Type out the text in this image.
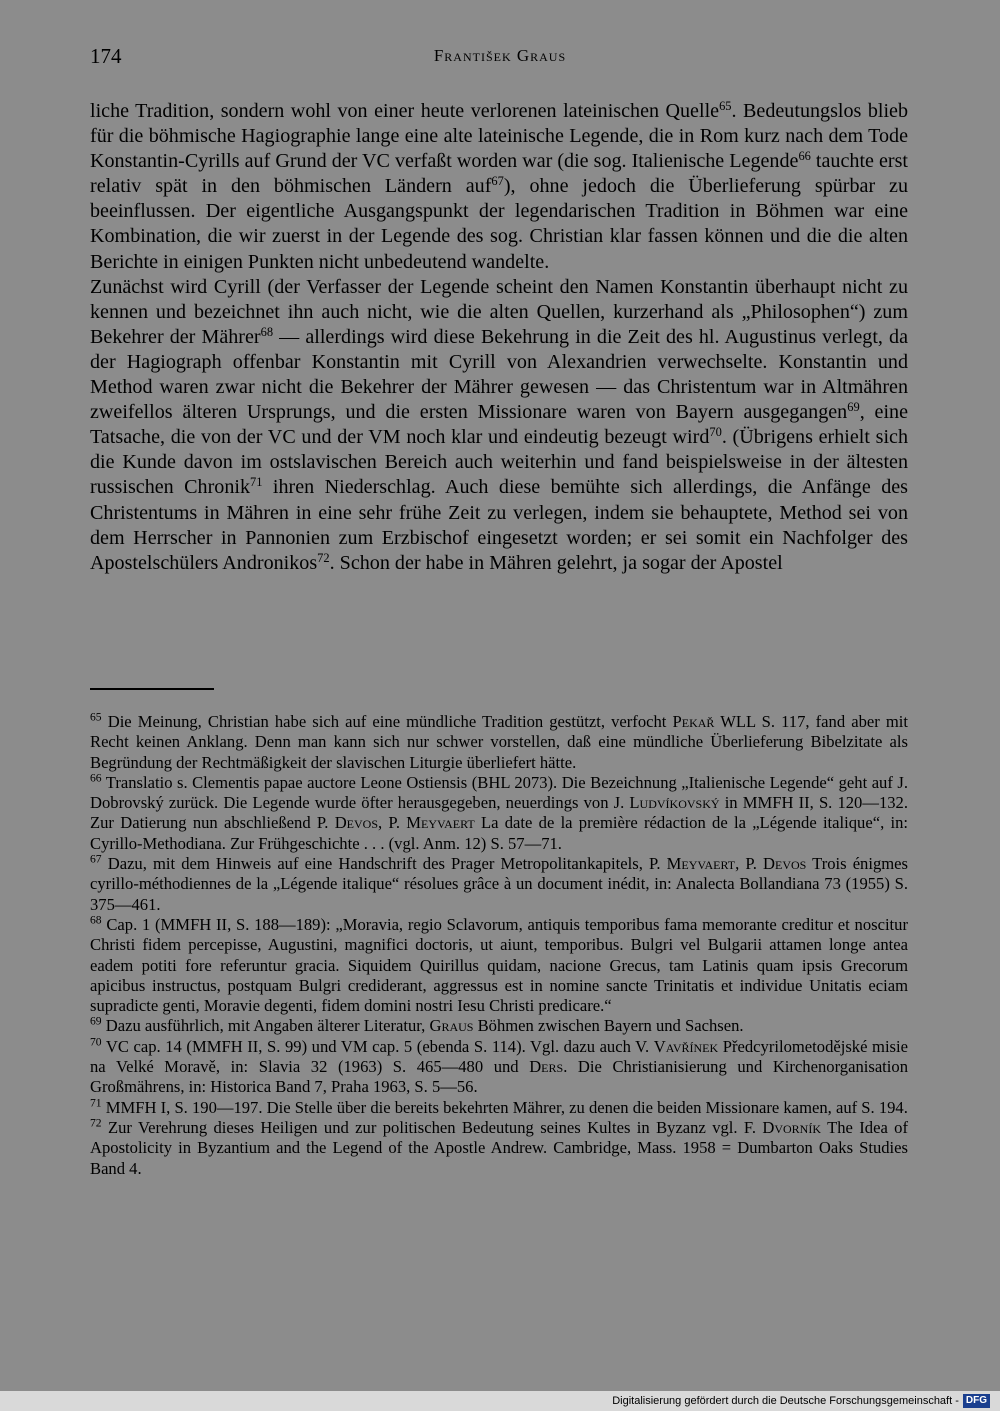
174	František Graus

liche Tradition, sondern wohl von einer heute verlorenen lateinischen Quelle$^{65}$. Bedeutungslos blieb für die böhmische Hagiographie lange eine alte lateinische Legende, die in Rom kurz nach dem Tode Konstantin-Cyrills auf Grund der VC verfaßt worden war (die sog. Italienische Legende$^{66}$ tauchte erst relativ spät in den böhmischen Ländern auf$^{67}$), ohne jedoch die Überlieferung spürbar zu beeinflussen. Der eigentliche Ausgangspunkt der legendarischen Tradition in Böhmen war eine Kombination, die wir zuerst in der Legende des sog. Christian klar fassen können und die die alten Berichte in einigen Punkten nicht unbedeutend wandelte.

Zunächst wird Cyrill (der Verfasser der Legende scheint den Namen Konstantin überhaupt nicht zu kennen und bezeichnet ihn auch nicht, wie die alten Quellen, kurzerhand als „Philosophen“) zum Bekehrer der Mährer$^{68}$ — allerdings wird diese Bekehrung in die Zeit des hl. Augustinus verlegt, da der Hagiograph offenbar Konstantin mit Cyrill von Alexandrien verwechselte. Konstantin und Method waren zwar nicht die Bekehrer der Mährer gewesen — das Christentum war in Altmähren zweifellos älteren Ursprungs, und die ersten Missionare waren von Bayern ausgegangen$^{69}$, eine Tatsache, die von der VC und der VM noch klar und eindeutig bezeugt wird$^{70}$. (Übrigens erhielt sich die Kunde davon im ostslavischen Bereich auch weiterhin und fand beispielsweise in der ältesten russischen Chronik$^{71}$ ihren Niederschlag. Auch diese bemühte sich allerdings, die Anfänge des Christentums in Mähren in eine sehr frühe Zeit zu verlegen, indem sie behauptete, Method sei von dem Herrscher in Pannonien zum Erzbischof eingesetzt worden; er sei somit ein Nachfolger des Apostelschülers Andronikos$^{72}$. Schon der habe in Mähren gelehrt, ja sogar der Apostel

$^{65}$ Die Meinung, Christian habe sich auf eine mündliche Tradition gestützt, verfocht Pekař WLL S. 117, fand aber mit Recht keinen Anklang. Denn man kann sich nur schwer vorstellen, daß eine mündliche Überlieferung Bibelzitate als Begründung der Rechtmäßigkeit der slavischen Liturgie überliefert hätte.

$^{66}$ Translatio s. Clementis papae auctore Leone Ostiensis (BHL 2073). Die Bezeichnung „Italienische Legende“ geht auf J. Dobrovský zurück. Die Legende wurde öfter herausgegeben, neuerdings von J. Ludvíkovský in MMFH II, S. 120—132. Zur Datierung nun abschließend P. Devos, P. Meyvaert La date de la première rédaction de la „Légende italique“, in: Cyrillo-Methodiana. Zur Frühgeschichte . . . (vgl. Anm. 12) S. 57—71.

$^{67}$ Dazu, mit dem Hinweis auf eine Handschrift des Prager Metropolitankapitels, P. Meyvaert, P. Devos Trois énigmes cyrillo-méthodiennes de la „Légende italique“ résolues grâce à un document inédit, in: Analecta Bollandiana 73 (1955) S. 375—461.

$^{68}$ Cap. 1 (MMFH II, S. 188—189): „Moravia, regio Sclavorum, antiquis temporibus fama memorante creditur et noscitur Christi fidem percepisse, Augustini, magnifici doctoris, ut aiunt, temporibus. Bulgri vel Bulgarii attamen longe antea eadem potiti fore referuntur gracia. Siquidem Quirillus quidam, nacione Grecus, tam Latinis quam ipsis Grecorum apicibus instructus, postquam Bulgri crediderant, aggressus est in nomine sancte Trinitatis et individue Unitatis eciam supradicte genti, Moravie degenti, fidem domini nostri Iesu Christi predicare.“

$^{69}$ Dazu ausführlich, mit Angaben älterer Literatur, Graus Böhmen zwischen Bayern und Sachsen.

$^{70}$ VC cap. 14 (MMFH II, S. 99) und VM cap. 5 (ebenda S. 114). Vgl. dazu auch V. Vavřínek Předcyrilometodějské misie na Velké Moravě, in: Slavia 32 (1963) S. 465—480 und Ders. Die Christianisierung und Kirchenorganisation Großmährens, in: Historica Band 7, Praha 1963, S. 5—56.

$^{71}$ MMFH I, S. 190—197. Die Stelle über die bereits bekehrten Mährer, zu denen die beiden Missionare kamen, auf S. 194.

$^{72}$ Zur Verehrung dieses Heiligen und zur politischen Bedeutung seines Kultes in Byzanz vgl. F. Dvorník The Idea of Apostolicity in Byzantium and the Legend of the Apostle Andrew. Cambridge, Mass. 1958 = Dumbarton Oaks Studies Band 4.

Digitalisierung gefördert durch die Deutsche Forschungsgemeinschaft - DFG
